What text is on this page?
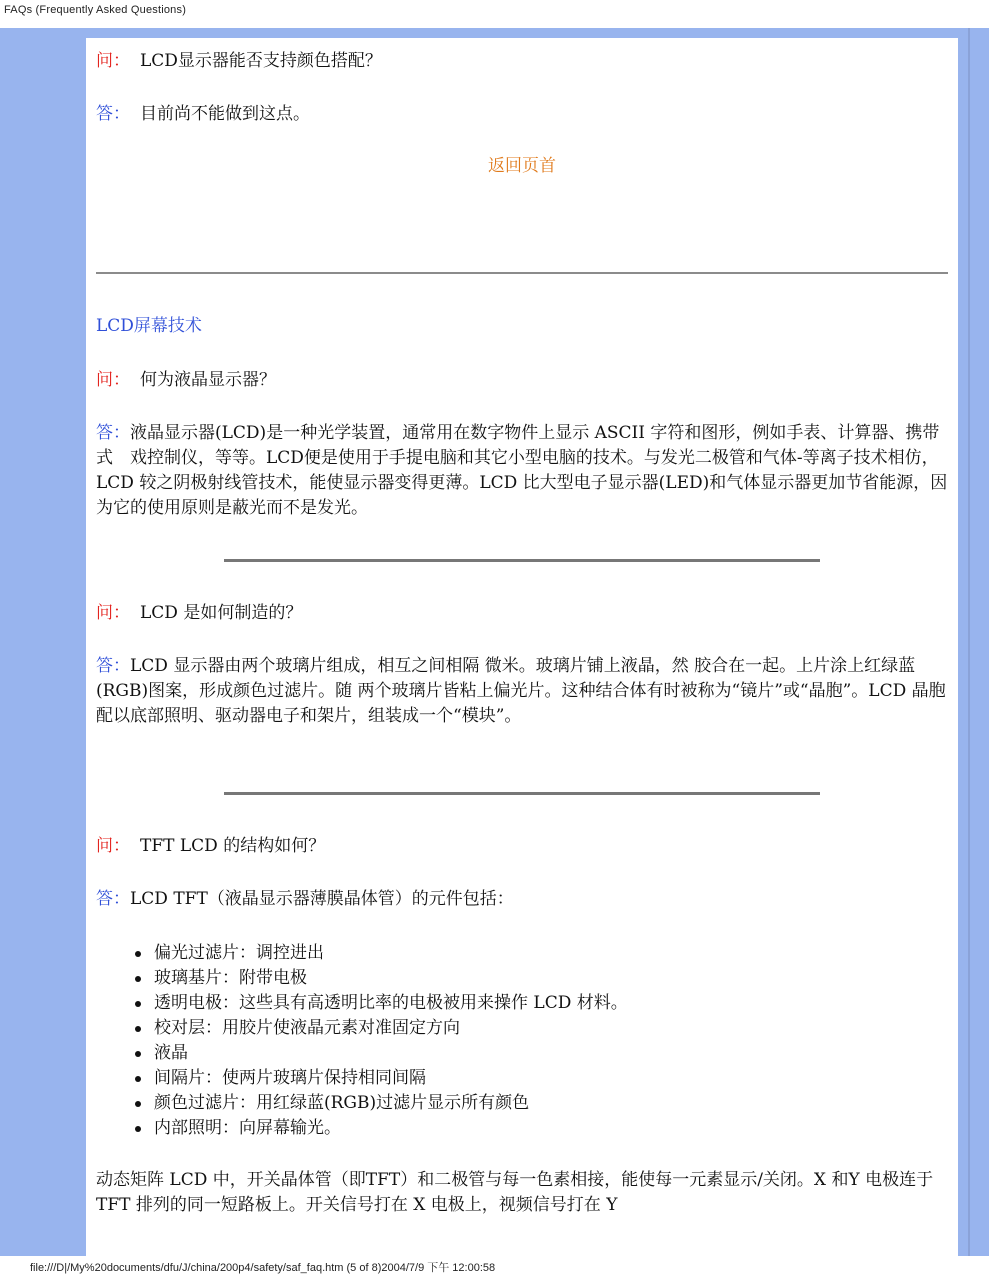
FAQs (Frequently Asked Questions)

问： LCD显示器能否支持颜色搭配？

答： 目前尚不能做到这点。

返回页首

LCD屏幕技术

问： 何为液晶显示器？

答：液晶显示器(LCD)是一种光学装置，通常用在数字物件上显示 ASCII 字符和图形，例如手表、计算器、携带式　戏控制仪，等等。LCD便是使用于手提电脑和其它小型电脑的技术。与发光二极管和气体-等离子技术相仿，LCD 较之阴极射线管技术，能使显示器变得更薄。LCD 比大型电子显示器(LED)和气体显示器更加节省能源，因为它的使用原则是蔽光而不是发光。

问： LCD 是如何制造的？

答：LCD 显示器由两个玻璃片组成，相互之间相隔 微米。玻璃片铺上液晶，然 胶合在一起。上片涂上红绿蓝(RGB)图案，形成颜色过滤片。随 两个玻璃片皆粘上偏光片。这种结合体有时被称为“镜片”或“晶胞”。LCD 晶胞配以底部照明、驱动器电子和架片，组装成一个“模块”。

问： TFT LCD 的结构如何？

答：LCD TFT（液晶显示器薄膜晶体管）的元件包括：

偏光过滤片：调控进出
玻璃基片：附带电极
透明电极：这些具有高透明比率的电极被用来操作 LCD 材料。
校对层：用胶片使液晶元素对准固定方向
液晶
间隔片：使两片玻璃片保持相同间隔
颜色过滤片：用红绿蓝(RGB)过滤片显示所有颜色
内部照明：向屏幕输光。

动态矩阵 LCD 中，开关晶体管（即TFT）和二极管与每一色素相接，能使每一元素显示/关闭。X 和Y 电极连于 TFT 排列的同一短路板上。开关信号打在 X 电极上，视频信号打在 Y

file:///D|/My%20documents/dfu/J/china/200p4/safety/saf_faq.htm (5 of 8)2004/7/9 下午 12:00:58
